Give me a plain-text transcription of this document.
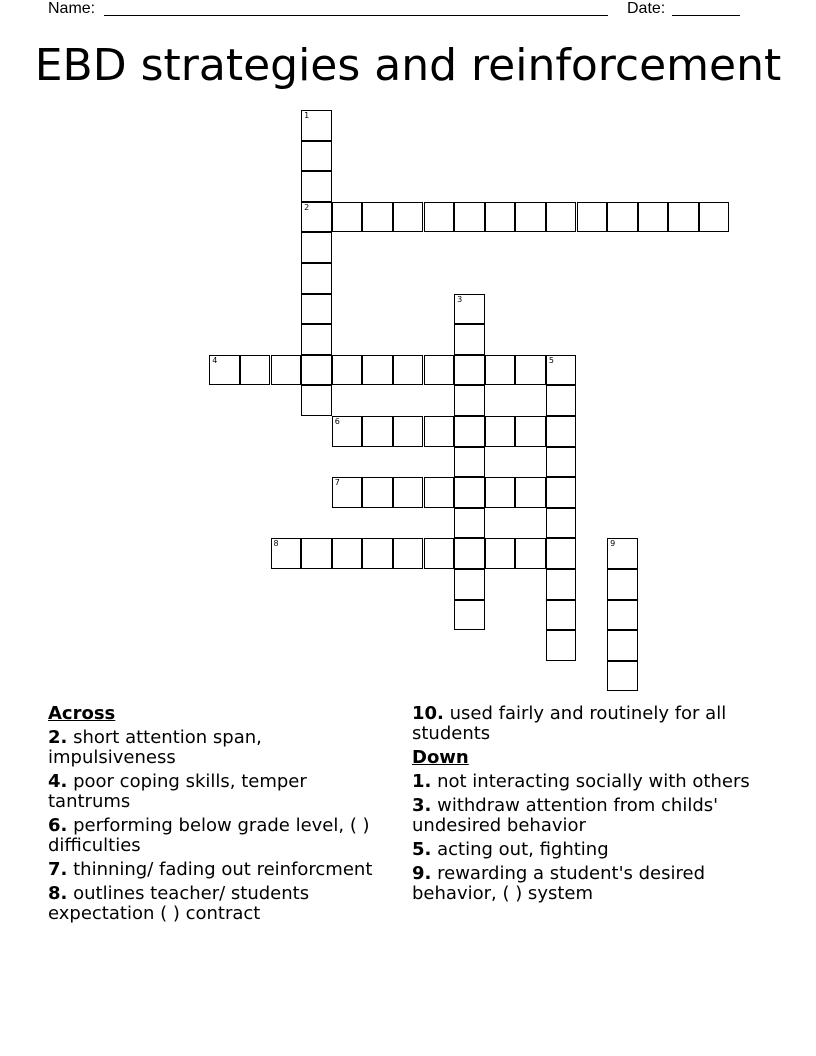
Name:	Date:
EBD strategies and reinforcement
1
2
3
4	5
6
7
8	9
Across
2. short attention span, impulsiveness
4. poor coping skills, temper tantrums
6. performing below grade level, ( ) difficulties
7. thinning/ fading out reinforcment
8. outlines teacher/ students expectation ( ) contract
10. used fairly and routinely for all students
Down
1. not interacting socially with others
3. withdraw attention from childs' undesired behavior
5. acting out, fighting
9. rewarding a student's desired behavior, ( ) system
